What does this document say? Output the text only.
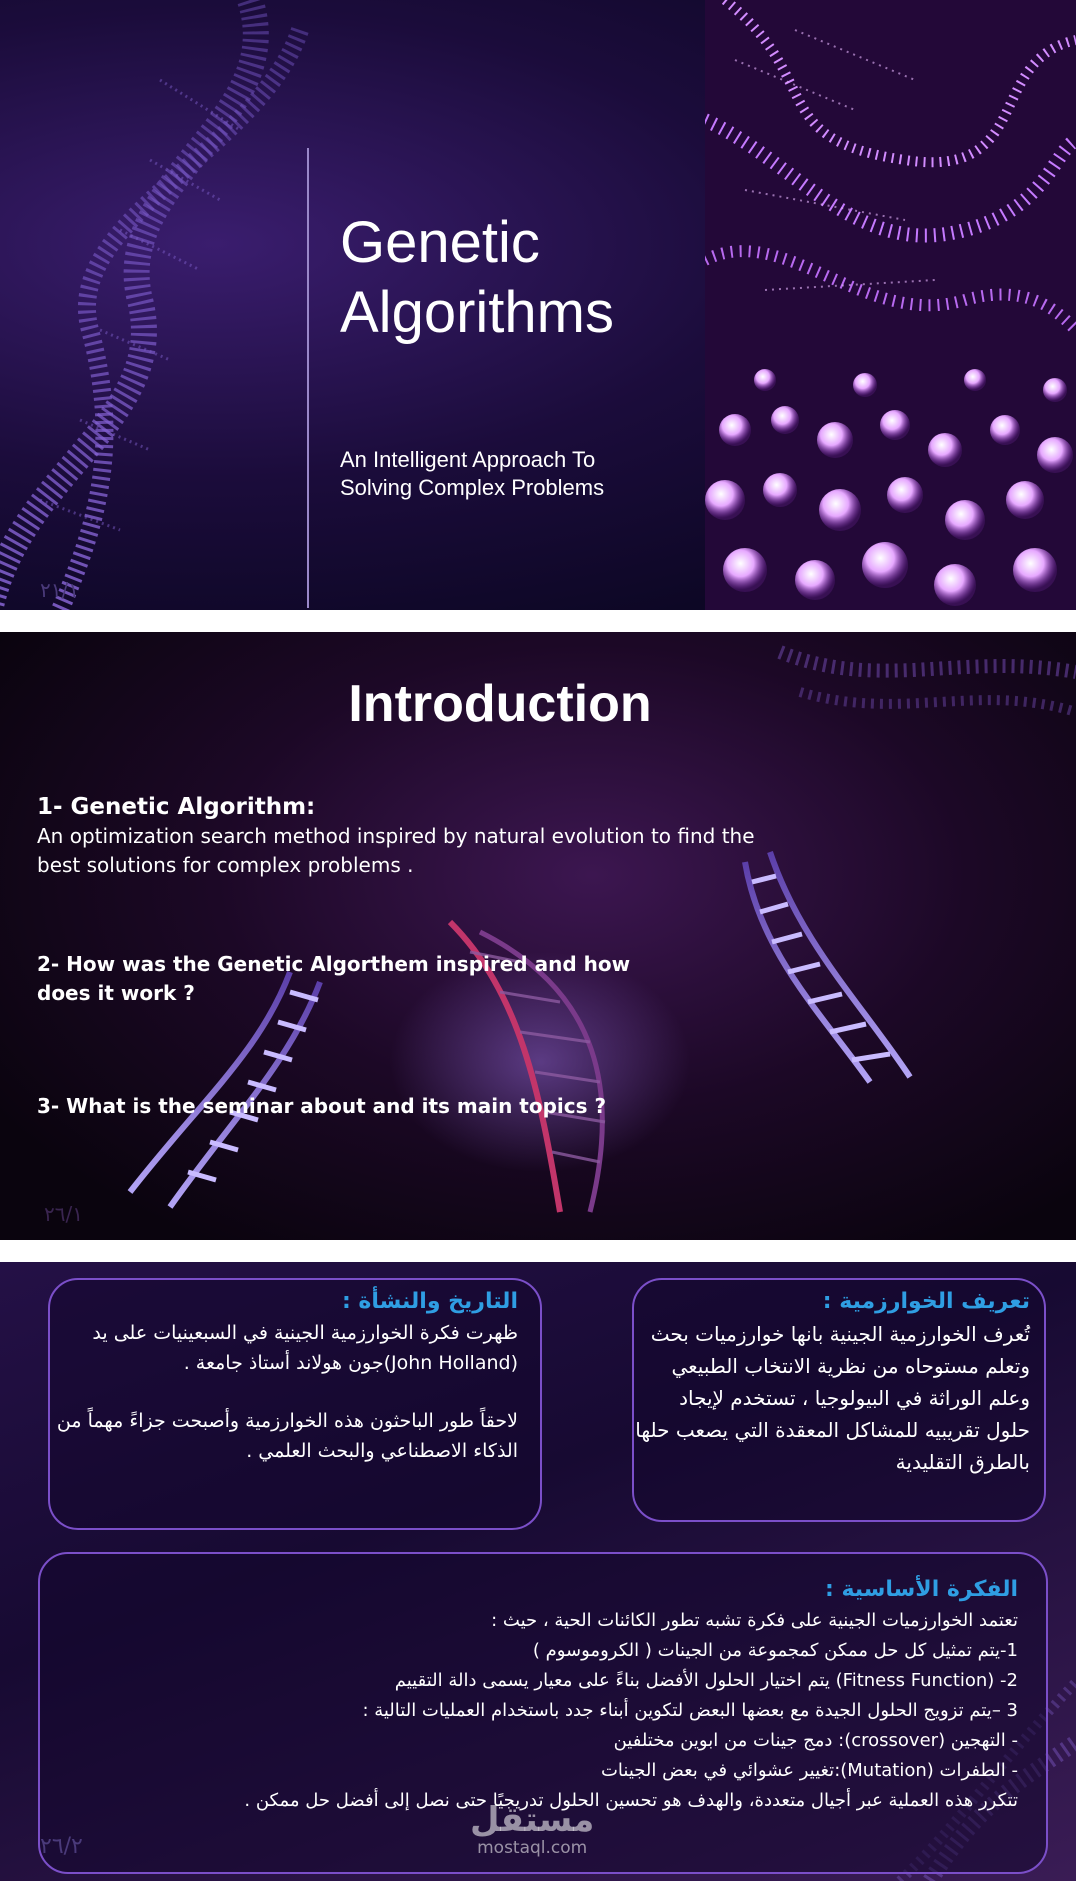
Genetic Algorithms
An Intelligent Approach To Solving Complex Problems
٢١/١
Introduction
1- Genetic Algorithm:
An optimization search method inspired by natural evolution to find the best solutions for complex problems .
2- How was the Genetic Algorthem inspired and how does it work ?
3- What is the seminar about and its main topics ?
٢٦/١
تعريف الخوارزمية :
تُعرف الخوارزمية الجينية بانها خوارزميات بحث وتعلم مستوحاه من نظرية الانتخاب الطبيعي وعلم الوراثة في البيولوجيا ، تستخدم لإيجاد حلول تقريبيه للمشاكل المعقدة التي يصعب حلها بالطرق التقليدية
التاريخ والنشأة :
ظهرت فكرة الخوارزمية الجينية في السبعينيات على يد (John Holland)جون هولاند أستاذ جامعة .
لاحقاً طور الباحثون هذه الخوارزمية وأصبحت جزاءً مهماً من الذكاء الاصطناعي والبحث العلمي .
الفكرة الأساسية :
تعتمد الخوارزميات الجينية على فكرة تشبه تطور الكائنات الحية ، حيث :
1-يتم تمثيل كل حل ممكن كمجموعة من الجينات ( الكروموسوم )
2- (Fitness Function) يتم اختيار الحلول الأفضل بناءً على معيار يسمى دالة التقييم
3 –يتم تزويج الحلول الجيدة مع بعضها البعض لتكوين أبناء جدد باستخدام العمليات التالية :
- التهجين (crossover): دمج جينات من ابوين مختلفين
- الطفرات (Mutation):تغيير عشوائي في بعض الجينات
تتكرر هذه العملية عبر أجيال متعددة، والهدف هو تحسين الحلول تدريجيًا حتى نصل إلى أفضل حل ممكن .
مستقل
mostaql.com
٢٦/٢
